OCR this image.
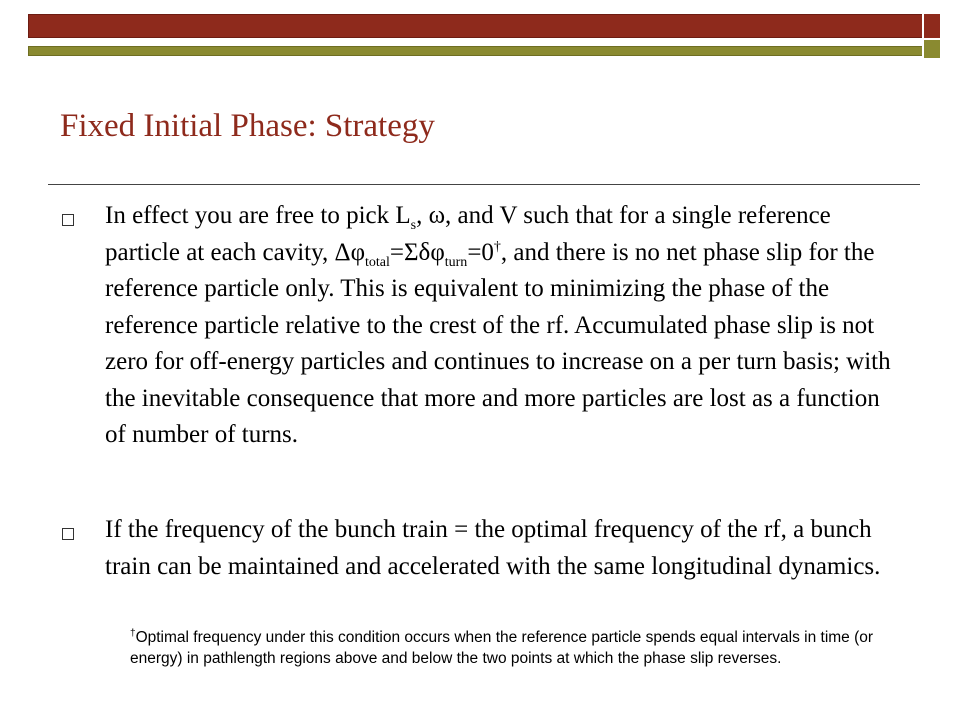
Fixed Initial Phase: Strategy
In effect you are free to pick $L_s$, ω, and V such that for a single reference particle at each cavity, $\Delta\varphi_{total}=\Sigma\delta\varphi_{turn}=0^\dagger$, and there is no net phase slip for the reference particle only. This is equivalent to minimizing the phase of the reference particle relative to the crest of the rf. Accumulated phase slip is not zero for off-energy particles and continues to increase on a per turn basis; with the inevitable consequence that more and more particles are lost as a function of number of turns.
If the frequency of the bunch train = the optimal frequency of the rf, a bunch train can be maintained and accelerated with the same longitudinal dynamics.
†Optimal frequency under this condition occurs when the reference particle spends equal intervals in time (or energy) in pathlength regions above and below the two points at which the phase slip reverses.
